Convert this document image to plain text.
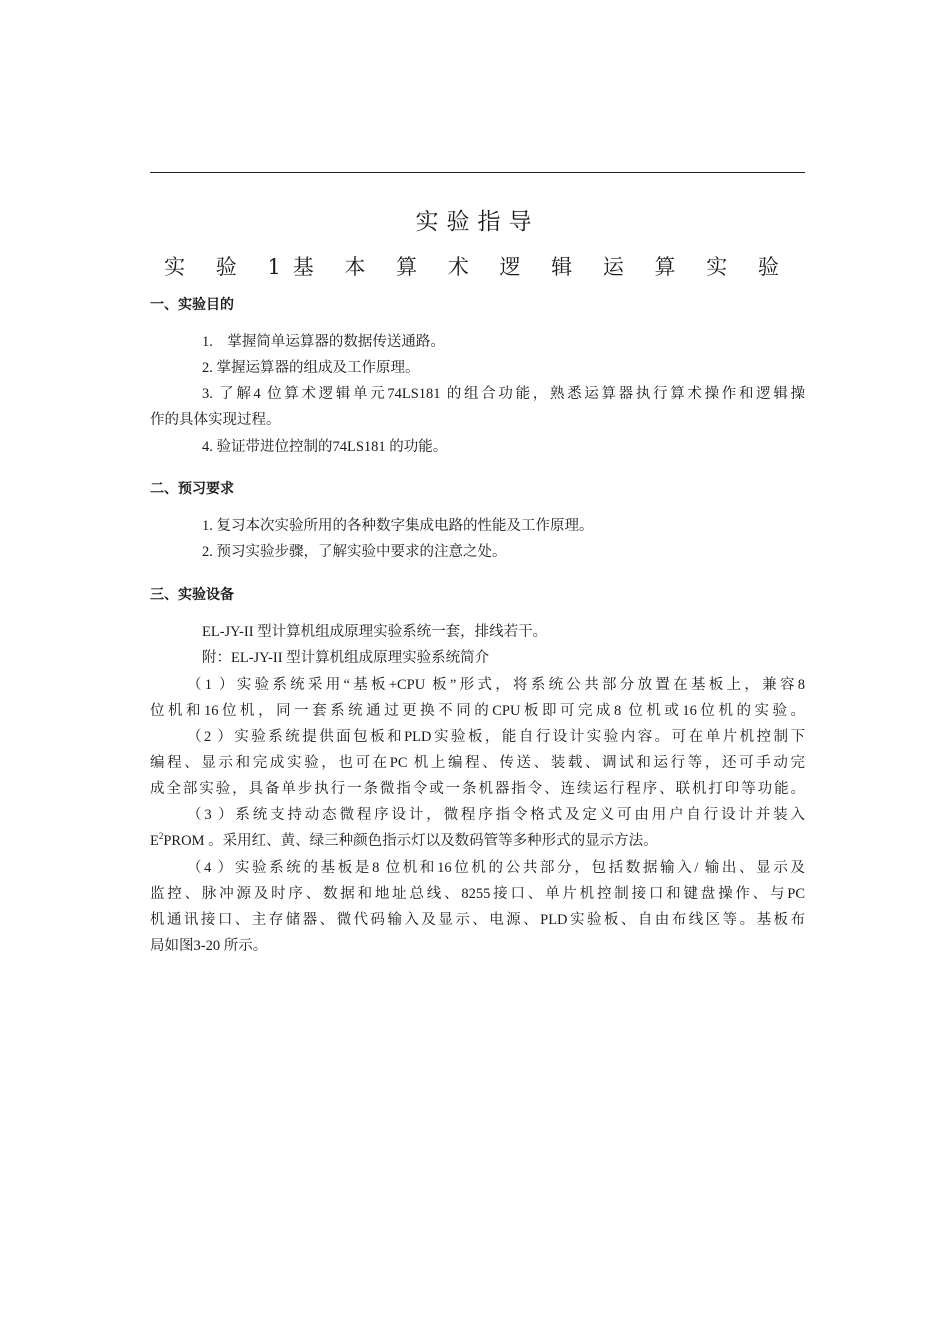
实验指导
实 验 1基 本 算 术 逻 辑 运 算 实 验
一、实验目的
1.　掌握简单运算器的数据传送通路。
2. 掌握运算器的组成及工作原理。
3. 了解4 位算术逻辑单元74LS181 的组合功能，熟悉运算器执行算术操作和逻辑操
作的具体实现过程。
4. 验证带进位控制的74LS181 的功能。
二、预习要求
1. 复习本次实验所用的各种数字集成电路的性能及工作原理。
2. 预习实验步骤，了解实验中要求的注意之处。
三、实验设备
EL-JY-II 型计算机组成原理实验系统一套，排线若干。
附：EL-JY-II 型计算机组成原理实验系统简介
（1 ）实验系统采用“基板+CPU 板”形式，将系统公共部分放置在基板上，兼容8
位机和16位机，同一套系统通过更换不同的CPU板即可完成8 位机或16位机的实验。
（2 ）实验系统提供面包板和PLD实验板，能自行设计实验内容。可在单片机控制下
编程、显示和完成实验，也可在PC 机上编程、传送、装载、调试和运行等，还可手动完
成全部实验，具备单步执行一条微指令或一条机器指令、连续运行程序、联机打印等功能。
（3 ）系统支持动态微程序设计，微程序指令格式及定义可由用户自行设计并装入
$E^2PROM$ 。采用红、黄、绿三种颜色指示灯以及数码管等多种形式的显示方法。
（4 ）实验系统的基板是8 位机和16位机的公共部分，包括数据输入/ 输出、显示及
监控、脉冲源及时序、数据和地址总线、8255接口、单片机控制接口和键盘操作、与PC
机通讯接口、主存储器、微代码输入及显示、电源、PLD实验板、自由布线区等。基板布
局如图3-20 所示。
